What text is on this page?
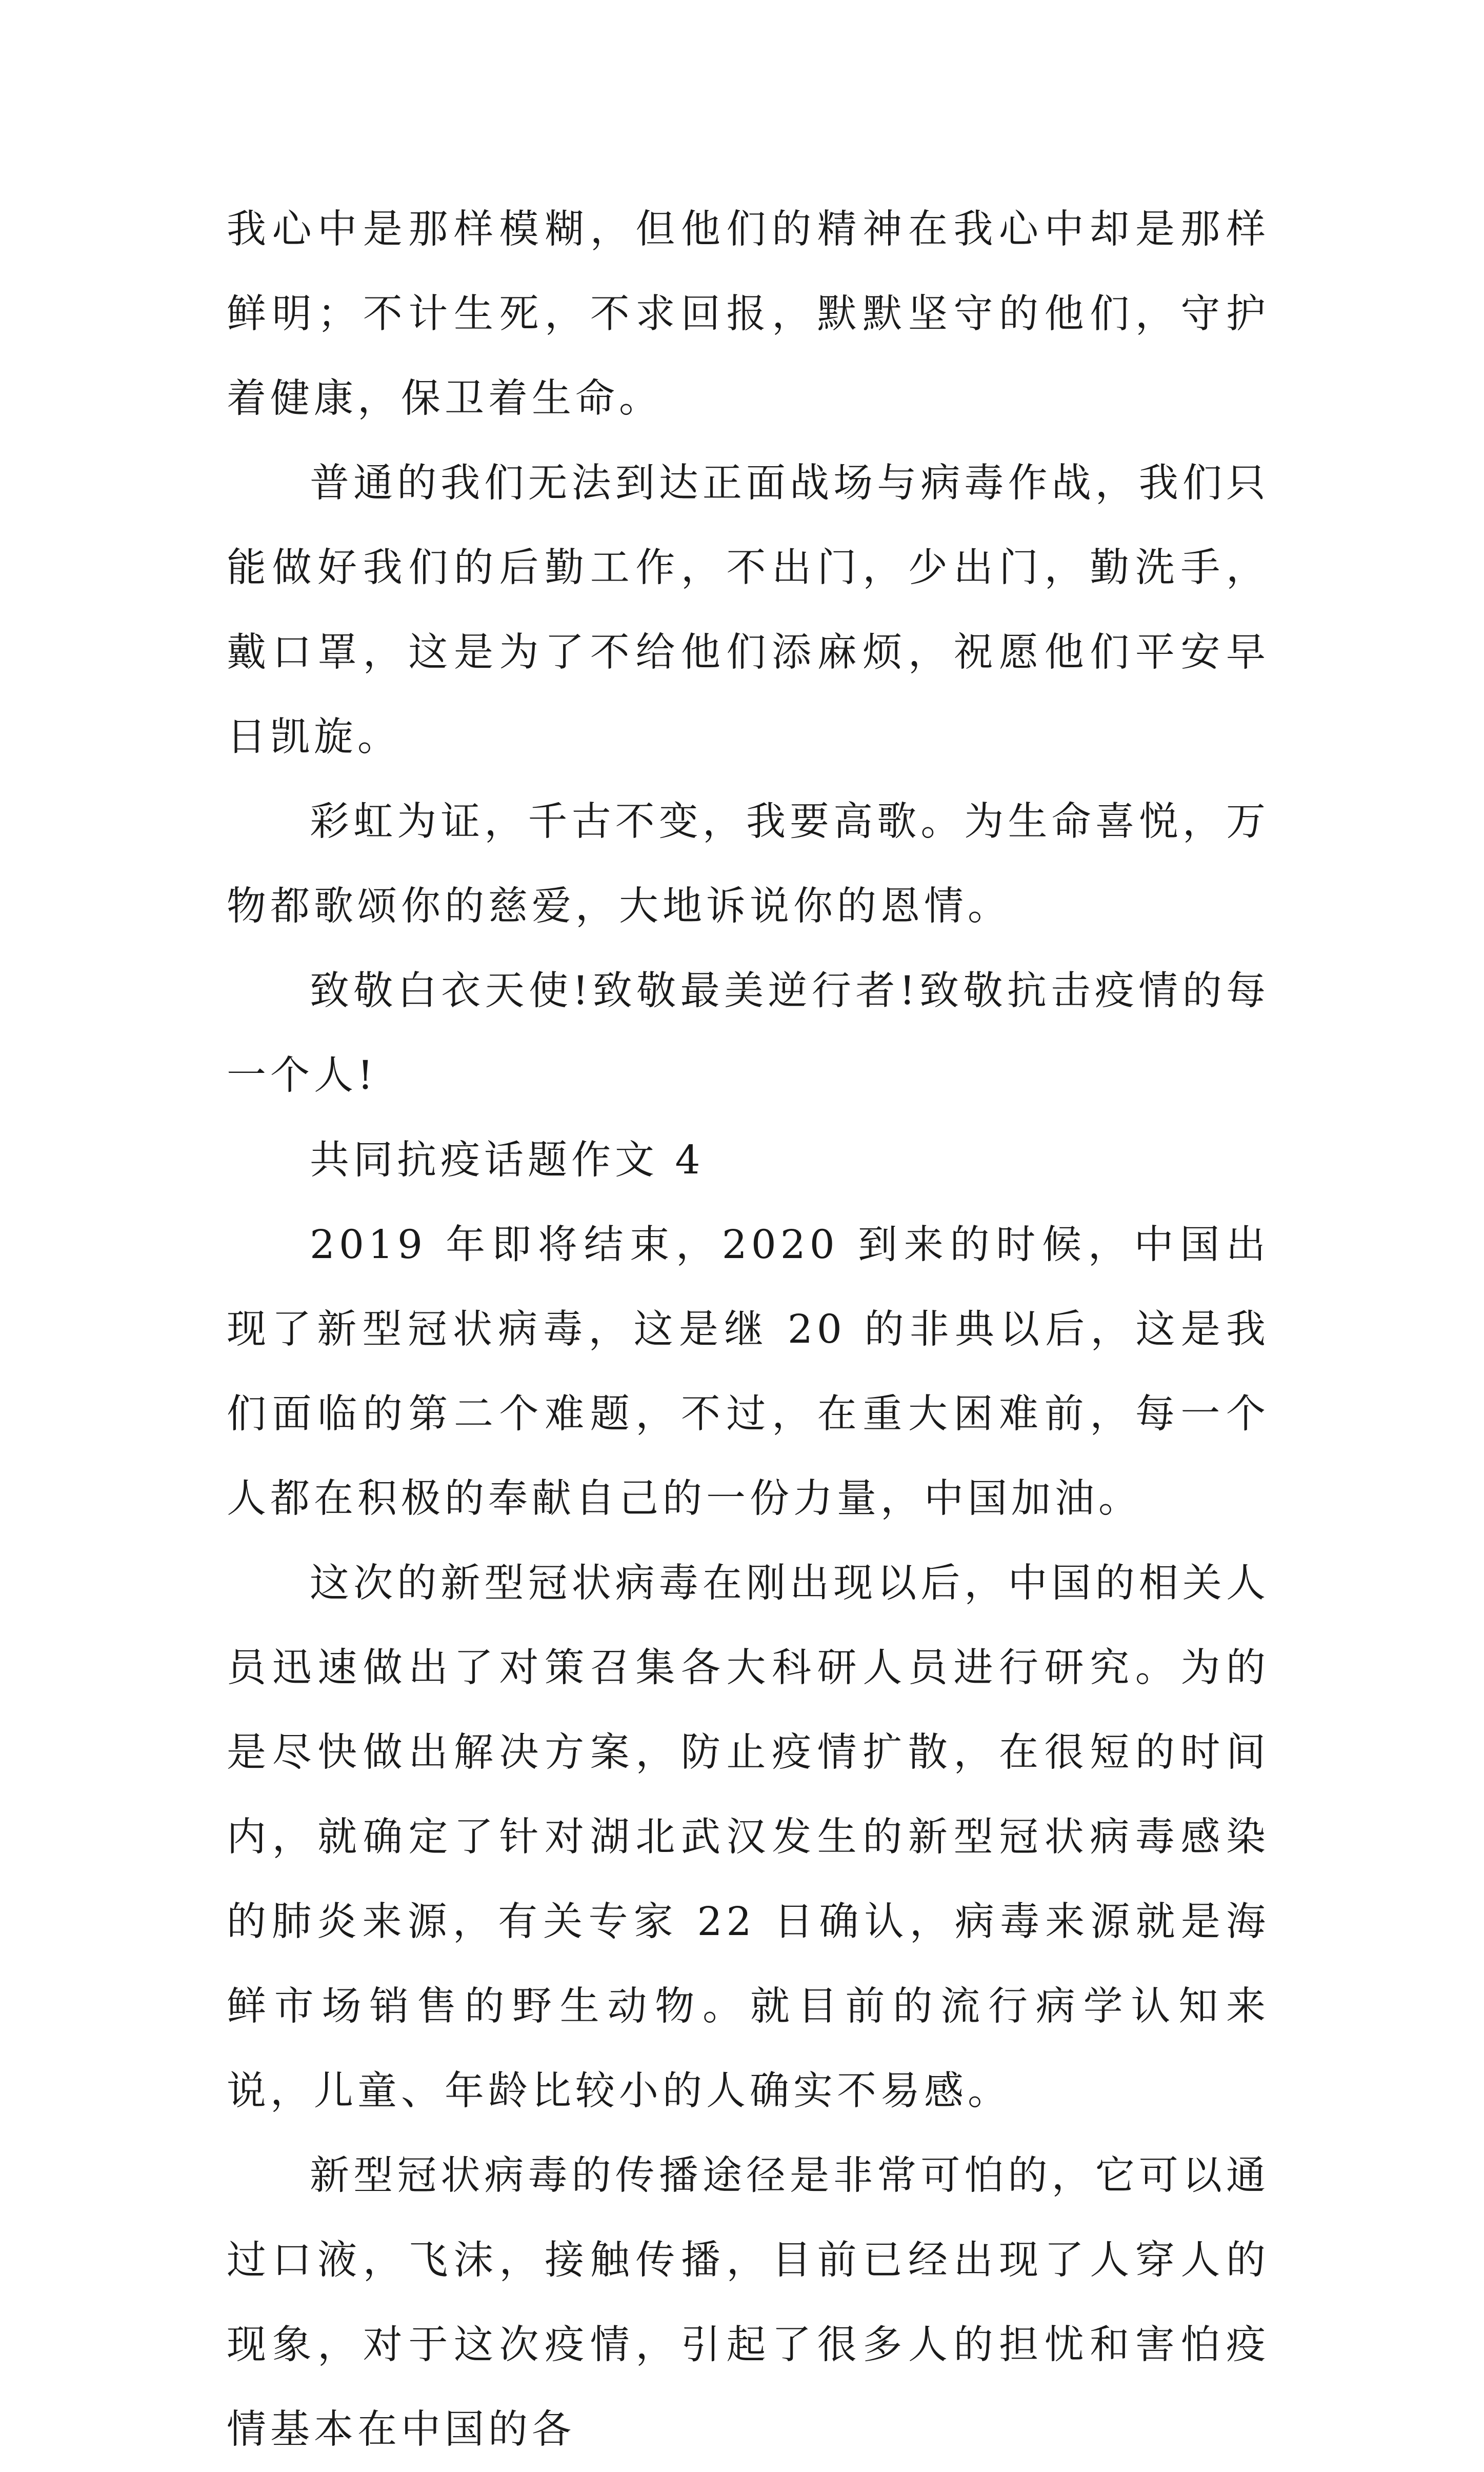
我心中是那样模糊，但他们的精神在我心中却是那样鲜明；不计生死，不求回报，默默坚守的他们，守护着健康，保卫着生命。

普通的我们无法到达正面战场与病毒作战，我们只能做好我们的后勤工作，不出门，少出门，勤洗手，戴口罩，这是为了不给他们添麻烦，祝愿他们平安早日凯旋。

彩虹为证，千古不变，我要高歌。为生命喜悦，万物都歌颂你的慈爱，大地诉说你的恩情。

致敬白衣天使!致敬最美逆行者!致敬抗击疫情的每一个人!

共同抗疫话题作文 4

2019 年即将结束，2020 到来的时候，中国出现了新型冠状病毒，这是继 20 的非典以后，这是我们面临的第二个难题，不过，在重大困难前，每一个人都在积极的奉献自己的一份力量，中国加油。

这次的新型冠状病毒在刚出现以后，中国的相关人员迅速做出了对策召集各大科研人员进行研究。为的是尽快做出解决方案，防止疫情扩散，在很短的时间内，就确定了针对湖北武汉发生的新型冠状病毒感染的肺炎来源，有关专家 22 日确认，病毒来源就是海鲜市场销售的野生动物。就目前的流行病学认知来说，儿童、年龄比较小的人确实不易感。

新型冠状病毒的传播途径是非常可怕的，它可以通过口液，飞沫，接触传播，目前已经出现了人穿人的现象，对于这次疫情，引起了很多人的担忧和害怕疫情基本在中国的各
